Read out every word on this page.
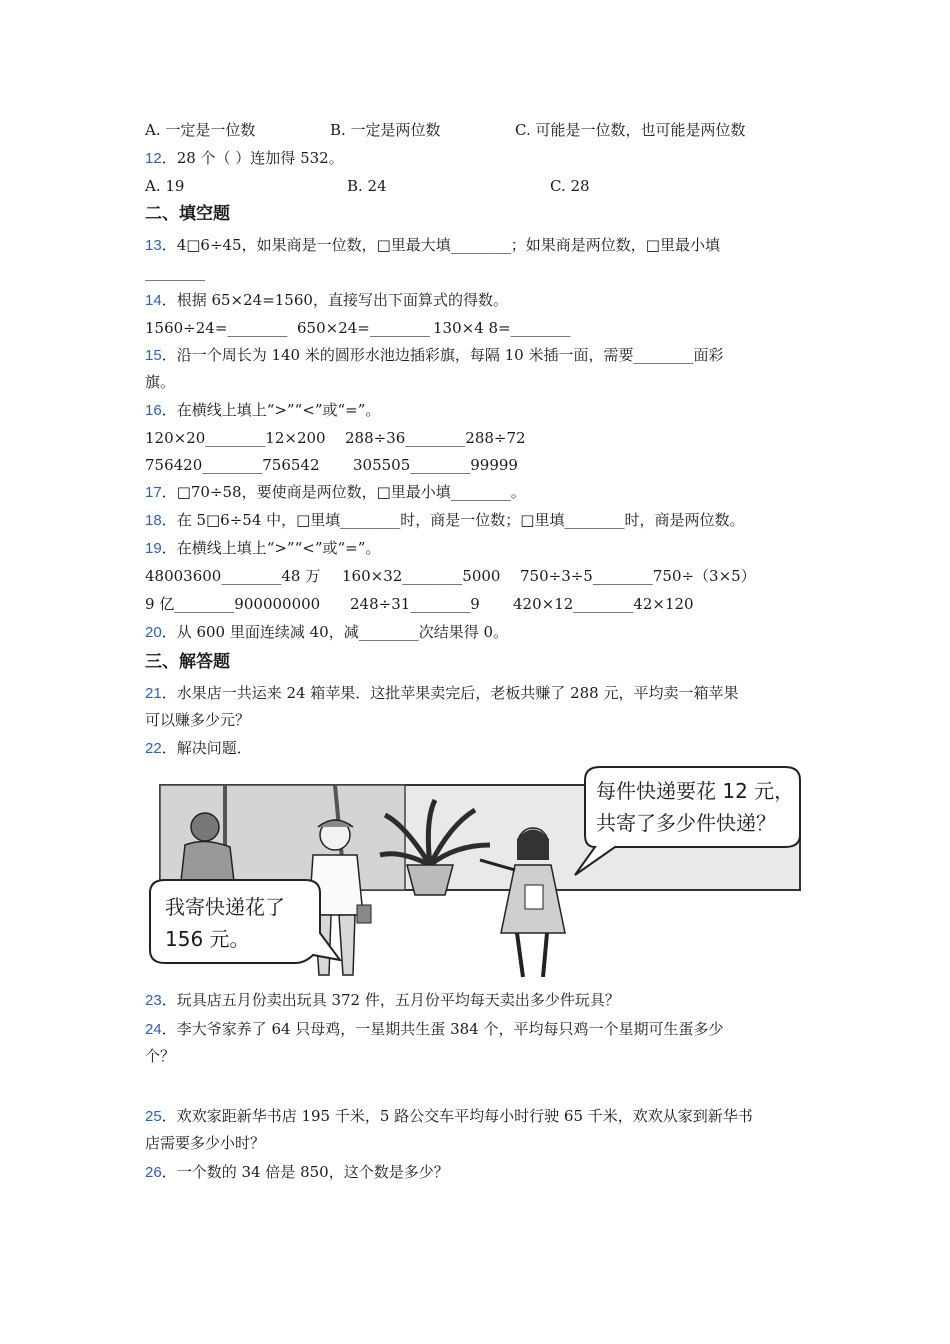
A. 一定是一位数	B. 一定是两位数	C. 可能是一位数，也可能是两位数
12．28 个（ ）连加得 532。
A. 19	B. 24	C. 28
二、填空题
13．4□6÷45，如果商是一位数，□里最大填________；如果商是两位数，□里最小填
________
14．根据 65×24=1560，直接写出下面算式的得数。
1560÷24=________ 650×24=________ 130×4 8=________
15．沿一个周长为 140 米的圆形水池边插彩旗，每隔 10 米插一面，需要________面彩
旗。
16．在横线上填上“>”“<”或“=”。
120×20________12×200 288÷36________288÷72
756420________756542 305505________99999
17．□70÷58，要使商是两位数，□里最小填________。
18．在 5□6÷54 中，□里填________时，商是一位数；□里填________时，商是两位数。
19．在横线上填上“>”“<”或“=”。
48003600________48 万 160×32________5000 750÷3÷5________750÷（3×5）
9 亿________900000000 248÷31________9 420×12________42×120
20．从 600 里面连续减 40，减________次结果得 0。
三、解答题
21．水果店一共运来 24 箱苹果．这批苹果卖完后，老板共赚了 288 元，平均卖一箱苹果
可以赚多少元？
22．解决问题．
每件快递要花 12 元，
共寄了多少件快递？
我寄快递花了
156 元。
23．玩具店五月份卖出玩具 372 件，五月份平均每天卖出多少件玩具？
24．李大爷家养了 64 只母鸡，一星期共生蛋 384 个，平均每只鸡一个星期可生蛋多少
个？
25．欢欢家距新华书店 195 千米，5 路公交车平均每小时行驶 65 千米，欢欢从家到新华书
店需要多少小时？
26．一个数的 34 倍是 850，这个数是多少？
